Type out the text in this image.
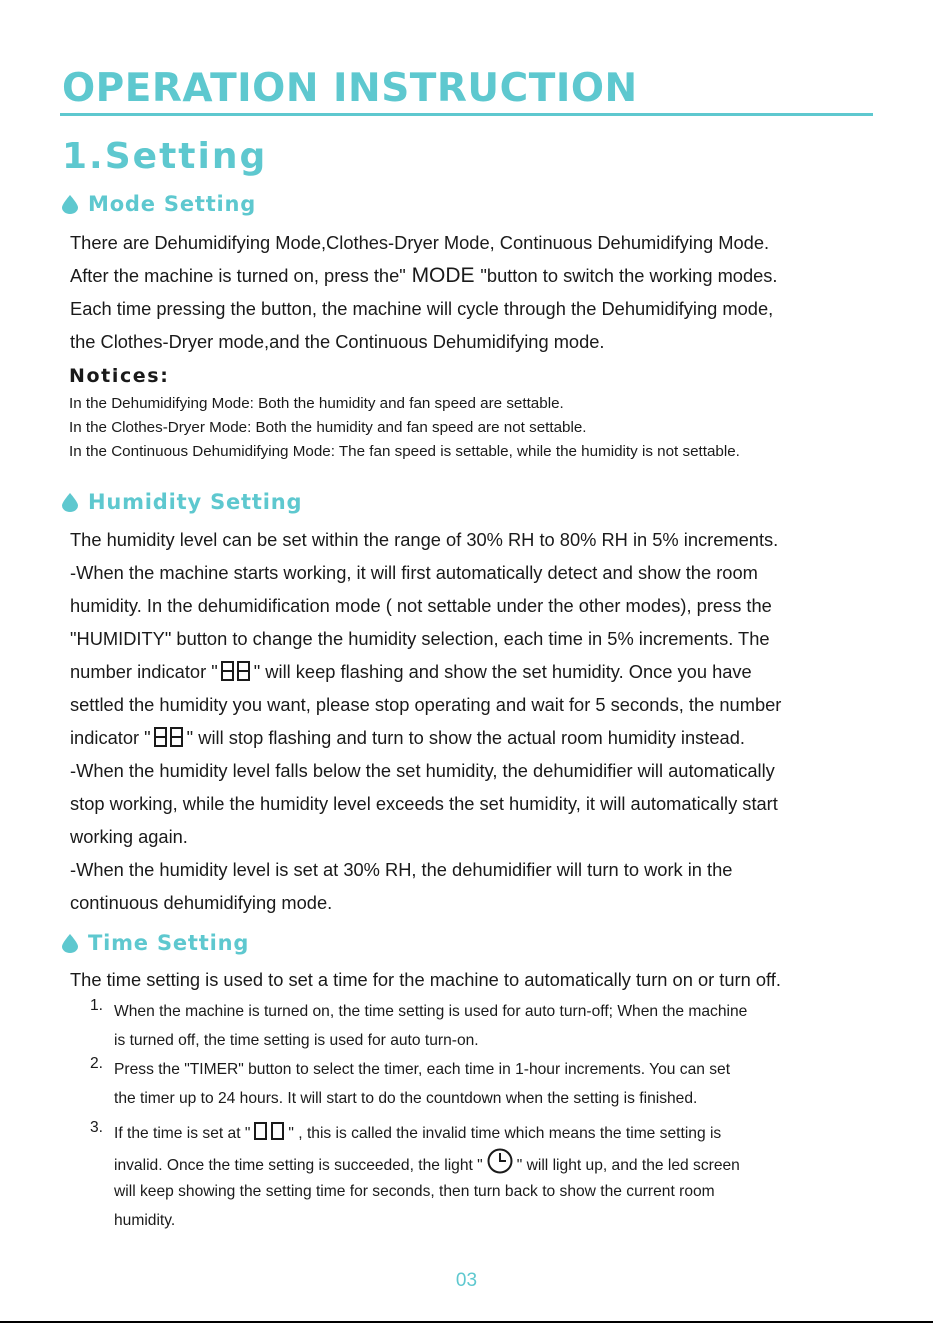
OPERATION INSTRUCTION
1.Setting
Mode Setting
There are Dehumidifying Mode,Clothes-Dryer Mode, Continuous Dehumidifying Mode.
After the machine is turned on, press the" MODE "button to switch the working modes.
Each time pressing the button, the machine will cycle through the Dehumidifying mode,
the Clothes-Dryer mode,and the Continuous Dehumidifying mode.
Notices:
In the Dehumidifying Mode: Both the humidity and fan speed are settable.
In the Clothes-Dryer Mode: Both the humidity and fan speed are not settable.
In the Continuous Dehumidifying Mode: The fan speed is settable, while the humidity is not settable.
Humidity Setting
The humidity level can be set within the range of 30% RH to 80% RH in 5% increments.
-When the machine starts working, it will first automatically detect and show the room
humidity. In the dehumidification mode ( not settable under the other modes), press the
"HUMIDITY" button to change the humidity selection, each time in 5% increments. The
number indicator " " will keep flashing and show the set humidity. Once you have
settled the humidity you want, please stop operating and wait for 5 seconds, the number
indicator " " will stop flashing and turn to show the actual room humidity instead.
-When the humidity level falls below the set humidity, the dehumidifier will automatically
stop working, while the humidity level exceeds the set humidity, it will automatically start
working again.
-When the humidity level is set at 30% RH, the dehumidifier will turn to work in the
continuous dehumidifying mode.
Time Setting
The time setting is used to set a time for the machine to automatically turn on or turn off.
1. When the machine is turned on, the time setting is used for auto turn-off; When the machine
is turned off, the time setting is used for auto turn-on.
2. Press the "TIMER" button to select the timer, each time in 1-hour increments. You can set
the timer up to 24 hours. It will start to do the countdown when the setting is finished.
3. If the time is set at " " , this is called the invalid time which means the time setting is
invalid. Once the time setting is succeeded, the light " " will light up, and the led screen
will keep showing the setting time for seconds, then turn back to show the current room
humidity.
03
